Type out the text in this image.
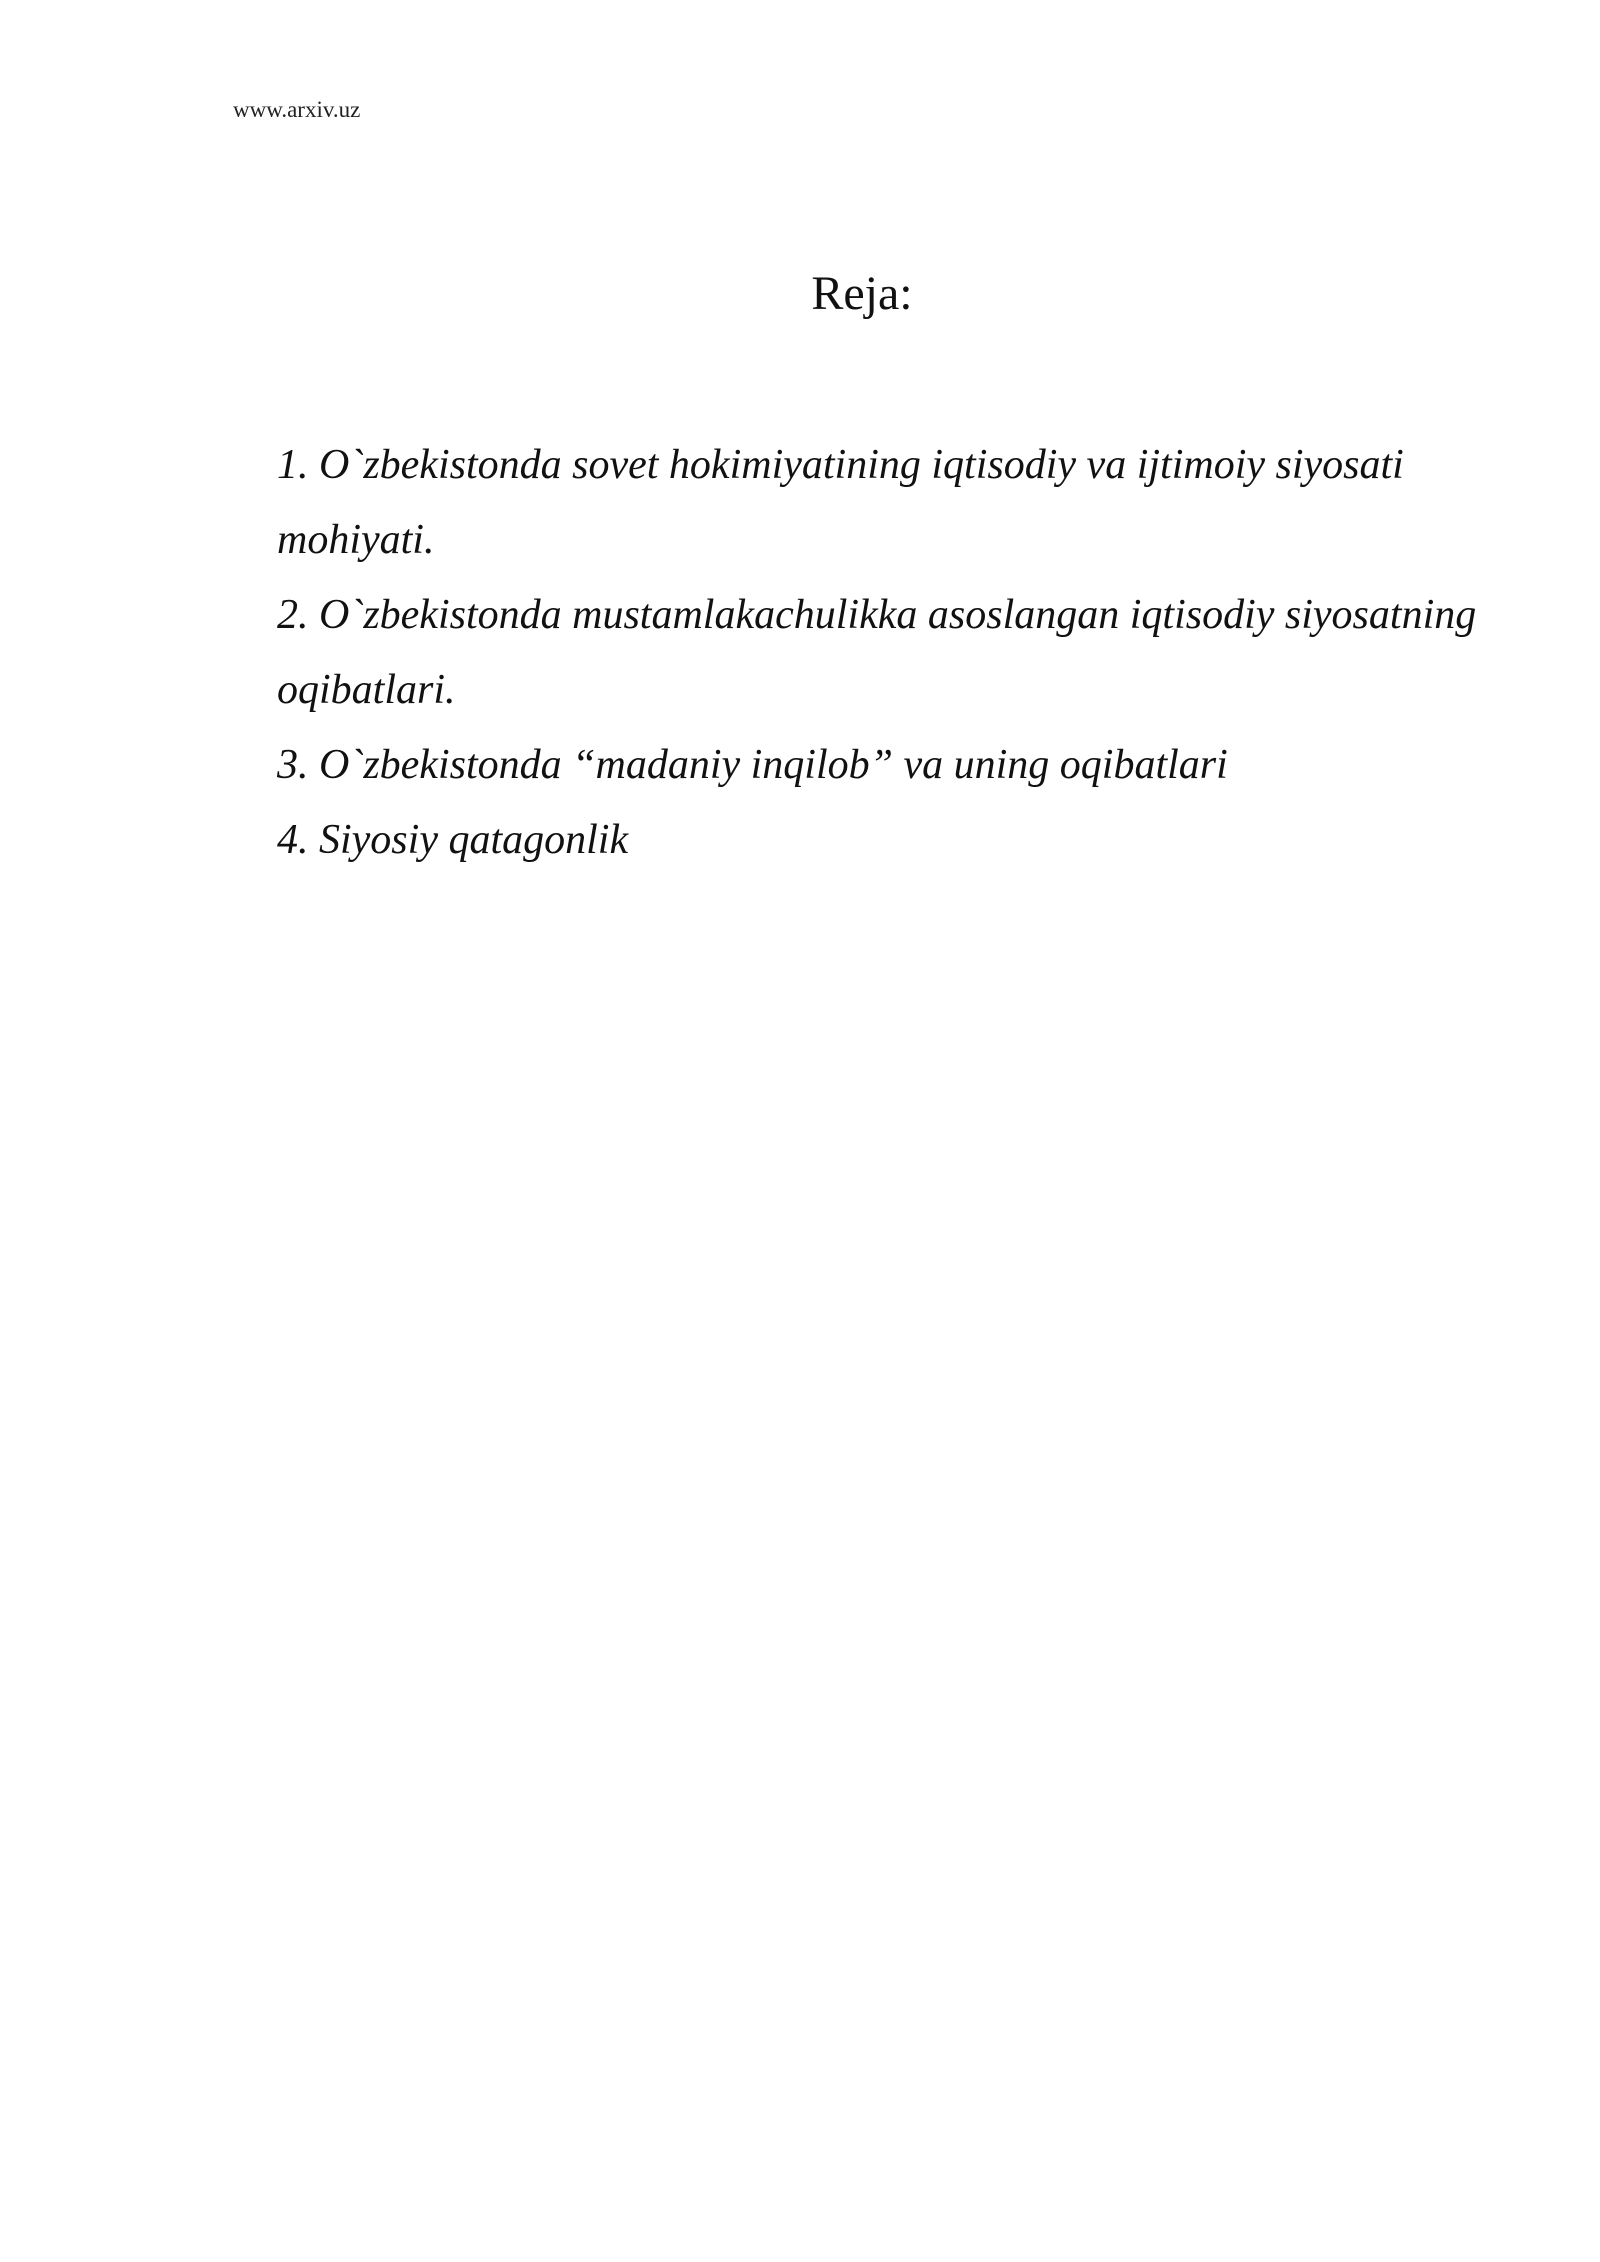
www.arxiv.uz
Reja:
1. O`zbekistonda sovet hokimiyatining iqtisodiy va ijtimoiy siyosati mohiyati.
2. O`zbekistonda mustamlakachulikka asoslangan iqtisodiy siyosatning oqibatlari.
3. O`zbekistonda “madaniy inqilob” va uning oqibatlari
4. Siyosiy qatagonlik
